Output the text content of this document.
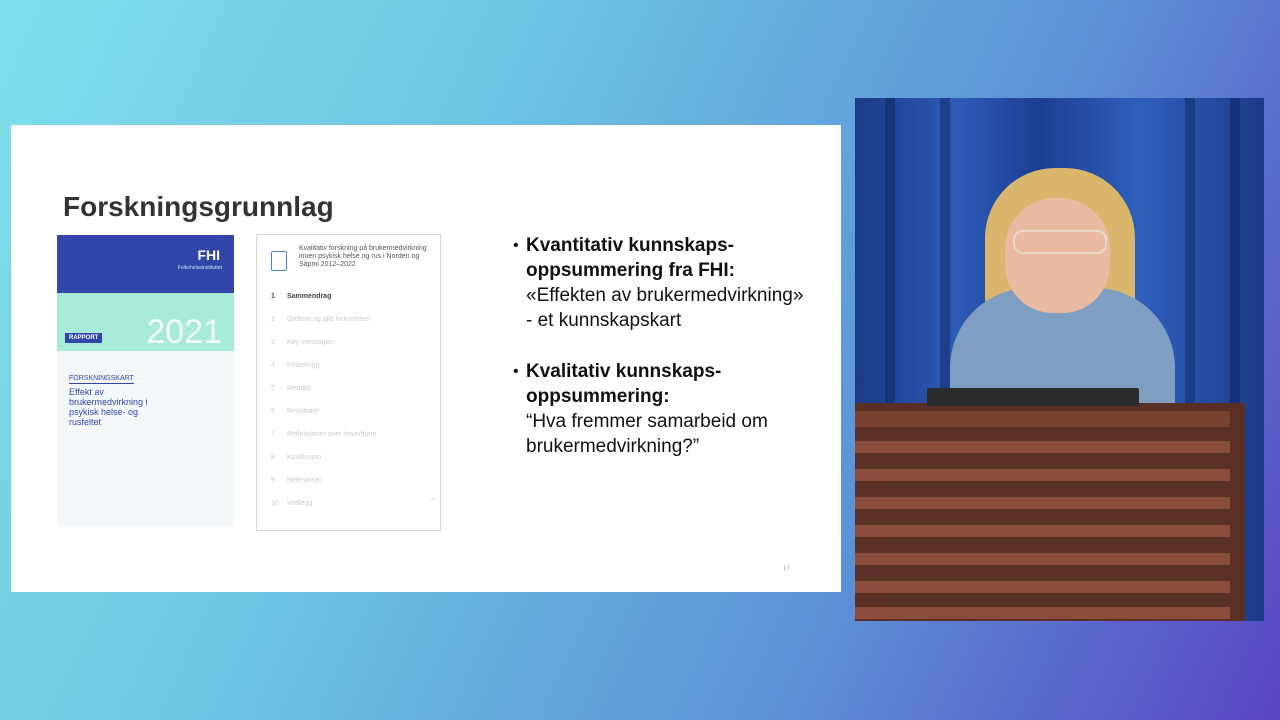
Forskningsgrunnlag
FHI
Folkehelseinstituttet
2021
RAPPORT
FORSKNINGSKART
Effekt av brukermedvirkning i psykisk helse- og rusfeltet
Kvalitativ forskning på brukermedvirkning innen psykisk helse og rus i Norden og Sápmi 2012–2022
1 Sammendrag
2 Ordliste og alle forkortelser
3 Key messages
4 Innledning
5 Metode
6 Resultater
7 Refleksjoner over hovedfunn
8 Konklusjon
9 Referanser
10 Vedlegg	⌃
• Kvantitativ kunnskaps-oppsummering fra FHI:
«Effekten av brukermedvirkning» - et kunnskapskart
• Kvalitativ kunnskaps-oppsummering:
“Hva fremmer samarbeid om brukermedvirkning?”
17
